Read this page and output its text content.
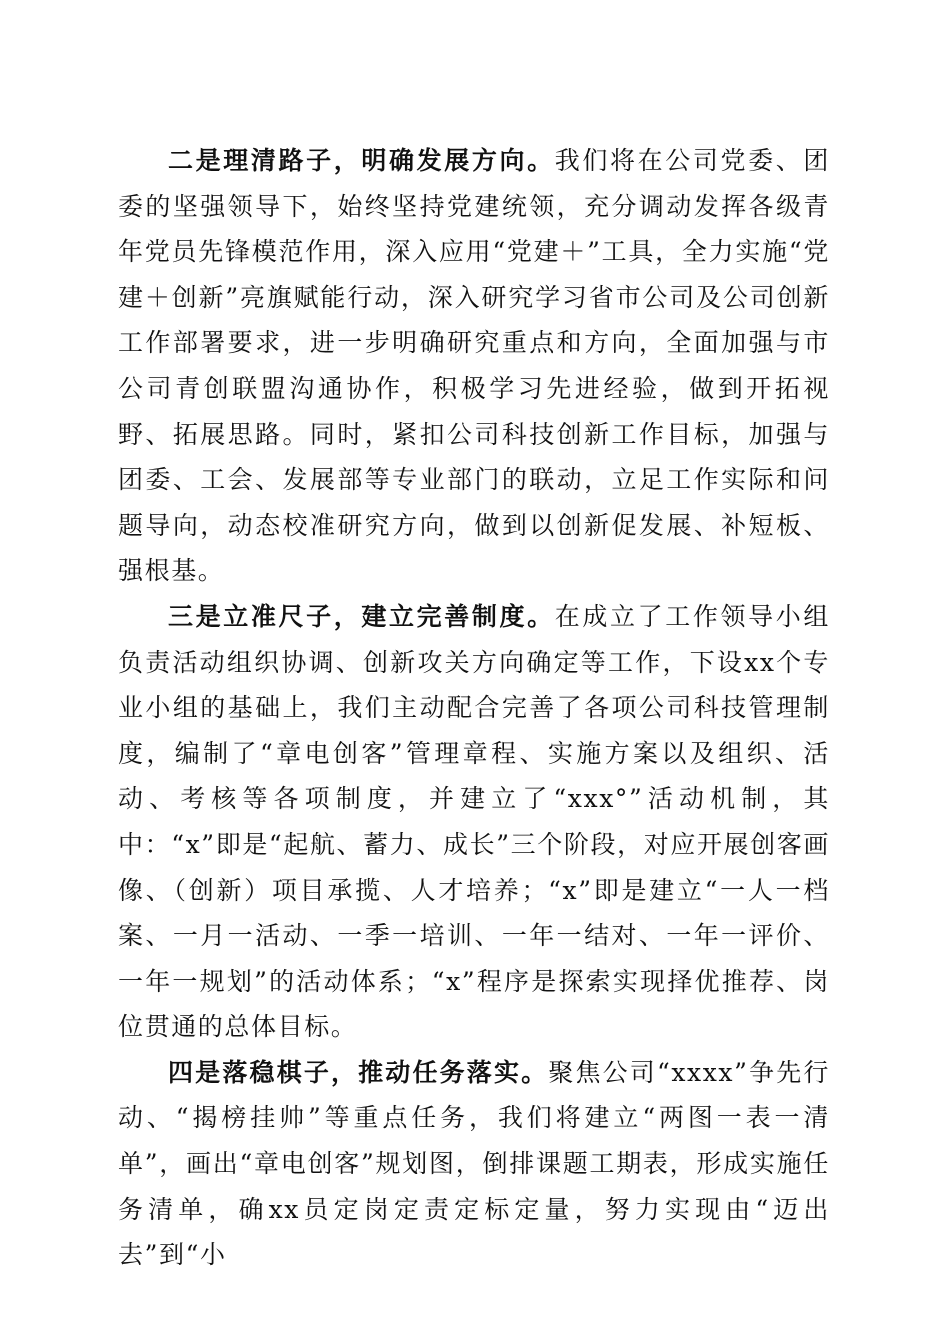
二是理清路子，明确发展方向。我们将在公司党委、团委的坚强领导下，始终坚持党建统领，充分调动发挥各级青年党员先锋模范作用，深入应用“党建＋”工具，全力实施“党建＋创新”亮旗赋能行动，深入研究学习省市公司及公司创新工作部署要求，进一步明确研究重点和方向，全面加强与市公司青创联盟沟通协作，积极学习先进经验，做到开拓视野、拓展思路。同时，紧扣公司科技创新工作目标，加强与团委、工会、发展部等专业部门的联动，立足工作实际和问题导向，动态校准研究方向，做到以创新促发展、补短板、强根基。

三是立准尺子，建立完善制度。在成立了工作领导小组负责活动组织协调、创新攻关方向确定等工作，下设xx个专业小组的基础上，我们主动配合完善了各项公司科技管理制度，编制了“章电创客”管理章程、实施方案以及组织、活动、考核等各项制度，并建立了“xxx°”活动机制，其中：“x”即是“起航、蓄力、成长”三个阶段，对应开展创客画像、（创新）项目承揽、人才培养；“x”即是建立“一人一档案、一月一活动、一季一培训、一年一结对、一年一评价、一年一规划”的活动体系；“x”程序是探索实现择优推荐、岗位贯通的总体目标。

四是落稳棋子，推动任务落实。聚焦公司“xxxx”争先行动、“揭榜挂帅”等重点任务，我们将建立“两图一表一清单”，画出“章电创客”规划图，倒排课题工期表，形成实施任务清单，确xx员定岗定责定标定量，努力实现由“迈出去”到“小
